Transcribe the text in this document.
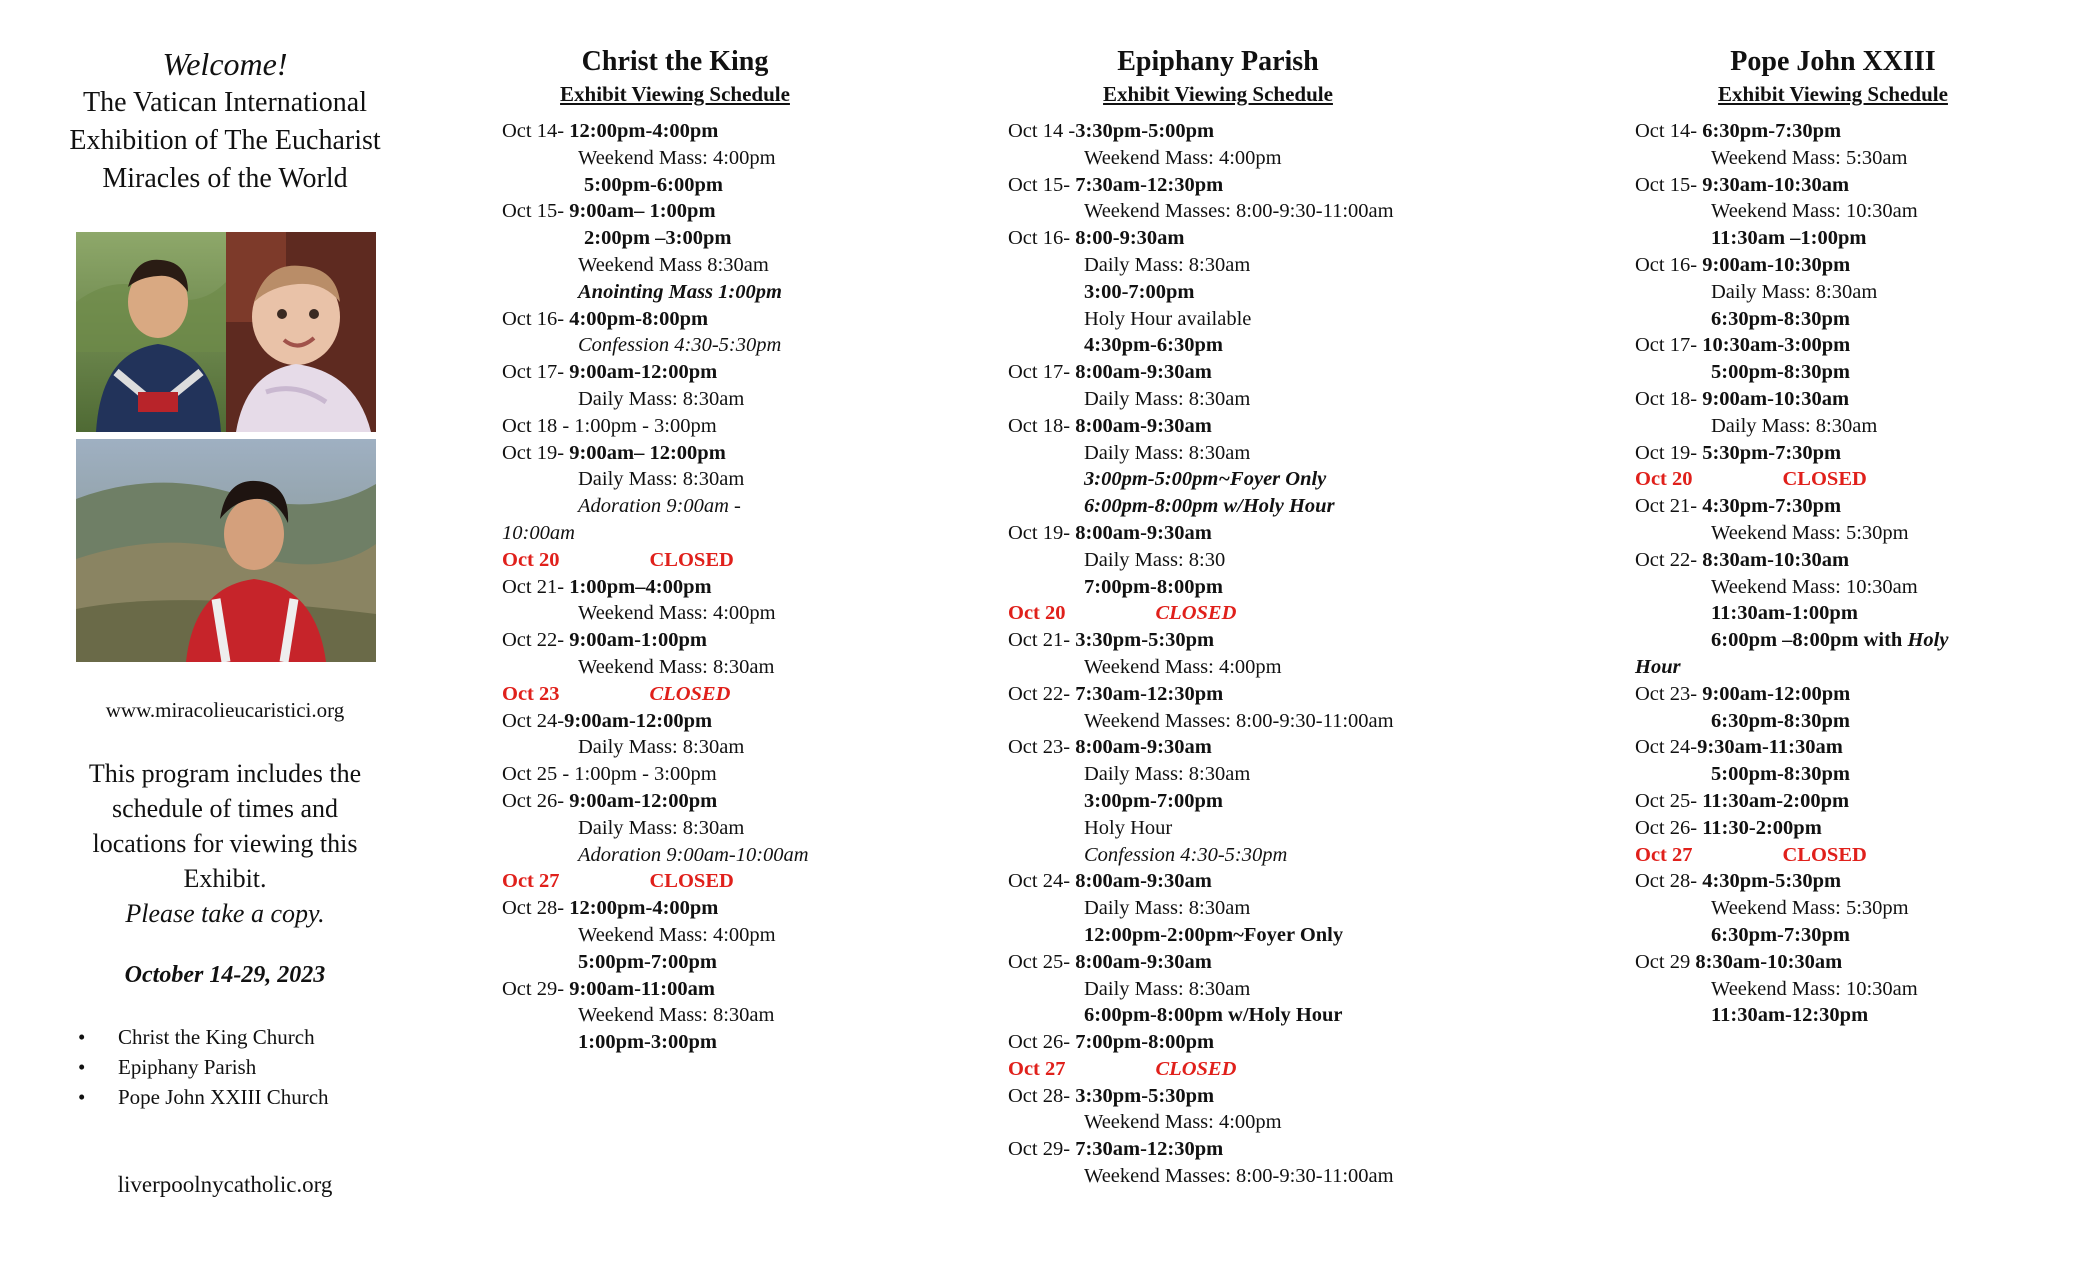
Welcome!
The Vatican International
Exhibition of The Eucharist
Miracles of the World
www.miracolieucaristici.org
This program includes the
schedule of times and
locations for viewing this
Exhibit.
Please take a copy.
October 14-29, 2023
• Christ the King Church
• Epiphany Parish
• Pope John XXIII Church
liverpoolnycatholic.org
Christ the King
Exhibit Viewing Schedule
Oct 14- 12:00pm-4:00pm
Weekend Mass: 4:00pm
5:00pm-6:00pm
Oct 15- 9:00am– 1:00pm
2:00pm –3:00pm
Weekend Mass 8:30am
Anointing Mass 1:00pm
Oct 16- 4:00pm-8:00pm
Confession 4:30-5:30pm
Oct 17- 9:00am-12:00pm
Daily Mass: 8:30am
Oct 18 - 1:00pm - 3:00pm
Oct 19- 9:00am– 12:00pm
Daily Mass: 8:30am
Adoration 9:00am -
10:00am
Oct 20	CLOSED
Oct 21- 1:00pm–4:00pm
Weekend Mass: 4:00pm
Oct 22- 9:00am-1:00pm
Weekend Mass: 8:30am
Oct 23	CLOSED
Oct 24-9:00am-12:00pm
Daily Mass: 8:30am
Oct 25 - 1:00pm - 3:00pm
Oct 26- 9:00am-12:00pm
Daily Mass: 8:30am
Adoration 9:00am-10:00am
Oct 27	CLOSED
Oct 28- 12:00pm-4:00pm
Weekend Mass: 4:00pm
5:00pm-7:00pm
Oct 29- 9:00am-11:00am
Weekend Mass: 8:30am
1:00pm-3:00pm
Epiphany Parish
Exhibit Viewing Schedule
Oct 14 -3:30pm-5:00pm
Weekend Mass: 4:00pm
Oct 15- 7:30am-12:30pm
Weekend Masses: 8:00-9:30-11:00am
Oct 16- 8:00-9:30am
Daily Mass: 8:30am
3:00-7:00pm
Holy Hour available
4:30pm-6:30pm
Oct 17- 8:00am-9:30am
Daily Mass: 8:30am
Oct 18- 8:00am-9:30am
Daily Mass: 8:30am
3:00pm-5:00pm~Foyer Only
6:00pm-8:00pm w/Holy Hour
Oct 19- 8:00am-9:30am
Daily Mass: 8:30
7:00pm-8:00pm
Oct 20	CLOSED
Oct 21- 3:30pm-5:30pm
Weekend Mass: 4:00pm
Oct 22- 7:30am-12:30pm
Weekend Masses: 8:00-9:30-11:00am
Oct 23- 8:00am-9:30am
Daily Mass: 8:30am
3:00pm-7:00pm
Holy Hour
Confession 4:30-5:30pm
Oct 24- 8:00am-9:30am
Daily Mass: 8:30am
12:00pm-2:00pm~Foyer Only
Oct 25- 8:00am-9:30am
Daily Mass: 8:30am
6:00pm-8:00pm w/Holy Hour
Oct 26- 7:00pm-8:00pm
Oct 27	CLOSED
Oct 28- 3:30pm-5:30pm
Weekend Mass: 4:00pm
Oct 29- 7:30am-12:30pm
Weekend Masses: 8:00-9:30-11:00am
Pope John XXIII
Exhibit Viewing Schedule
Oct 14- 6:30pm-7:30pm
Weekend Mass: 5:30am
Oct 15- 9:30am-10:30am
Weekend Mass: 10:30am
11:30am –1:00pm
Oct 16- 9:00am-10:30pm
Daily Mass: 8:30am
6:30pm-8:30pm
Oct 17- 10:30am-3:00pm
5:00pm-8:30pm
Oct 18- 9:00am-10:30am
Daily Mass: 8:30am
Oct 19- 5:30pm-7:30pm
Oct 20	CLOSED
Oct 21- 4:30pm-7:30pm
Weekend Mass: 5:30pm
Oct 22- 8:30am-10:30am
Weekend Mass: 10:30am
11:30am-1:00pm
6:00pm –8:00pm with Holy
Hour
Oct 23- 9:00am-12:00pm
6:30pm-8:30pm
Oct 24-9:30am-11:30am
5:00pm-8:30pm
Oct 25- 11:30am-2:00pm
Oct 26- 11:30-2:00pm
Oct 27	CLOSED
Oct 28- 4:30pm-5:30pm
Weekend Mass: 5:30pm
6:30pm-7:30pm
Oct 29 8:30am-10:30am
Weekend Mass: 10:30am
11:30am-12:30pm
